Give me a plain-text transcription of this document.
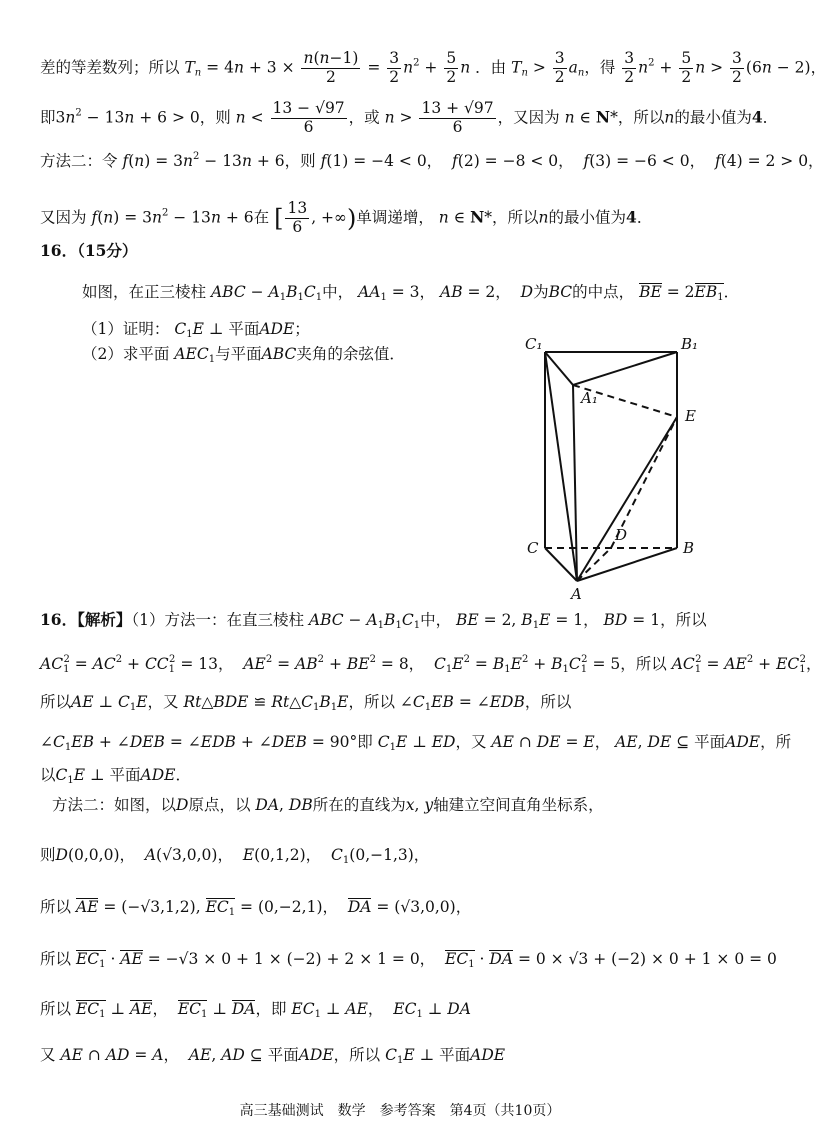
差的等差数列；所以 $T_n = 4n + 3 \times \frac{n(n-1)}{2} = \frac{3}{2} n^2 + \frac{5}{2}$ n ．由 $T_n > \frac{3}{2} a_n$，得 $\frac{3}{2} n^2 + \frac{5}{2}$ $n > \frac{3}{2} (6n - 2)$，
即$3n^2 - 13n + 6 > 0$，则 $n < \frac{13 - √97}{6}$ ，或 $n > \frac{13 + √97}{6}$ ，又因为 n ∈ N*，所以n的最小值为4．
方法二：令 $f(n) = 3n^2 - 13n + 6$，则 f(1) = −4 < 0，  f(2) = −8 < 0，  f(3) = −6 < 0，  f(4) = 2 > 0，
又因为 $f(n) = 3n^2 - 13n + 6$在 [ $\frac{13}{6}$ , +∞)单调递增， n ∈ N*，所以n的最小值为4．
16．（15分）
如图，在正三棱柱 ABC − $A_1B_1C_1$中， $AA_1 = 3$， AB = 2， D为BC的中点， BE = $2EB_1$．
（1）证明： $C_1E$ ⊥ 平面ADE；
（2）求平面 $AEC_1$与平面ABC夹角的余弦值．
C	B
A
D
E
C₁	B₁
A₁
16．【解析】（1）方法一：在直三棱柱 ABC − $A_1B_1C_1$中， BE = 2, $B_1E = 1$， BD = 1，所以
$AC_1^2 = AC^2 + CC_1^2 = 13$，  $AE^2 = AB^2 + BE^2 = 8$，  $C_1E^2 = B_1E^2 + B_1C_1^2 = 5$，所以 $AC_1^2 = AE^2 + EC_1^2$，
所以AE ⊥ $C_1E$，又 Rt△BDE ≌ $Rt\triangle C_1B_1E$，所以 $\angle C_1EB$ = ∠EDB，所以
$\angle C_1EB$ + ∠DEB = ∠EDB + ∠DEB = 90°即 $C_1E$ ⊥ ED，又 AE ∩ DE = E， AE, DE ⊆ 平面ADE，所
以$C_1E$ ⊥ 平面ADE．
方法二：如图，以D原点，以 DA, DB所在的直线为x, y轴建立空间直角坐标系，
则D(0,0,0)，  A(√3,0,0)，  E(0,1,2)，  $C_1(0,-1,3)$，
所以 AE = (−√3,1,2), $EC_1 = (0,-2,1)$，  DA = (√3,0,0)，
所以 $EC_1$ · AE = −√3 × 0 + 1 × (−2) + 2 × 1 = 0，  $EC_1$ · DA = 0 × √3 + (−2) × 0 + 1 × 0 = 0
所以 $EC_1$ ⊥ AE，  $EC_1$ ⊥ DA，即 $EC_1$ ⊥ AE，  $EC_1$ ⊥ DA
又 AE ∩ AD = A，  AE, AD ⊆ 平面ADE，所以 $C_1E$ ⊥ 平面ADE
高三基础测试　数学　参考答案　第4页（共10页）
